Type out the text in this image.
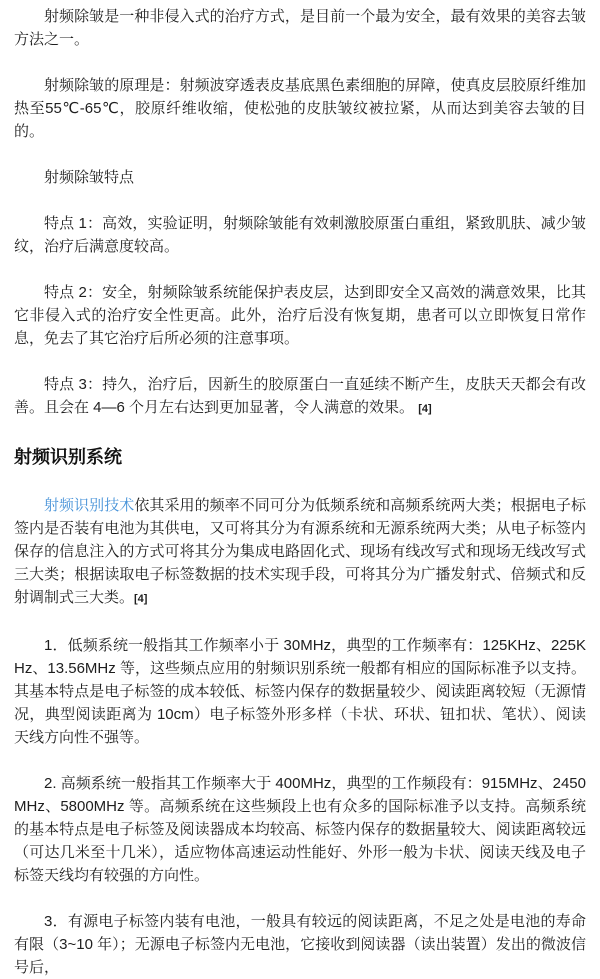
射频除皱是一种非侵入式的治疗方式，是目前一个最为安全，最有效果的美容去皱方法之一。

射频除皱的原理是：射频波穿透表皮基底黑色素细胞的屏障，使真皮层胶原纤维加热至55℃-65℃，胶原纤维收缩，使松弛的皮肤皱纹被拉紧，从而达到美容去皱的目的。

射频除皱特点

特点 1：高效，实验证明，射频除皱能有效刺激胶原蛋白重组，紧致肌肤、减少皱纹，治疗后满意度较高。

特点 2：安全，射频除皱系统能保护表皮层，达到即安全又高效的满意效果，比其它非侵入式的治疗安全性更高。此外，治疗后没有恢复期，患者可以立即恢复日常作息，免去了其它治疗后所必须的注意事项。

特点 3：持久，治疗后，因新生的胶原蛋白一直延续不断产生，皮肤天天都会有改善。且会在 4—6 个月左右达到更加显著，令人满意的效果。 [4]

射频识别系统

射频识别技术依其采用的频率不同可分为低频系统和高频系统两大类；根据电子标签内是否装有电池为其供电，又可将其分为有源系统和无源系统两大类；从电子标签内保存的信息注入的方式可将其分为集成电路固化式、现场有线改写式和现场无线改写式三大类；根据读取电子标签数据的技术实现手段，可将其分为广播发射式、倍频式和反射调制式三大类。[4]

1．低频系统一般指其工作频率小于 30MHz，典型的工作频率有：125KHz、225KHz、13.56MHz 等，这些频点应用的射频识别系统一般都有相应的国际标准予以支持。其基本特点是电子标签的成本较低、标签内保存的数据量较少、阅读距离较短（无源情况，典型阅读距离为 10cm）电子标签外形多样（卡状、环状、钮扣状、笔状）、阅读天线方向性不强等。

2. 高频系统一般指其工作频率大于 400MHz，典型的工作频段有：915MHz、2450MHz、5800MHz 等。高频系统在这些频段上也有众多的国际标准予以支持。高频系统的基本特点是电子标签及阅读器成本均较高、标签内保存的数据量较大、阅读距离较远（可达几米至十几米），适应物体高速运动性能好、外形一般为卡状、阅读天线及电子标签天线均有较强的方向性。

3．有源电子标签内装有电池，一般具有较远的阅读距离，不足之处是电池的寿命有限（3~10 年）；无源电子标签内无电池，它接收到阅读器（读出装置）发出的微波信号后，
